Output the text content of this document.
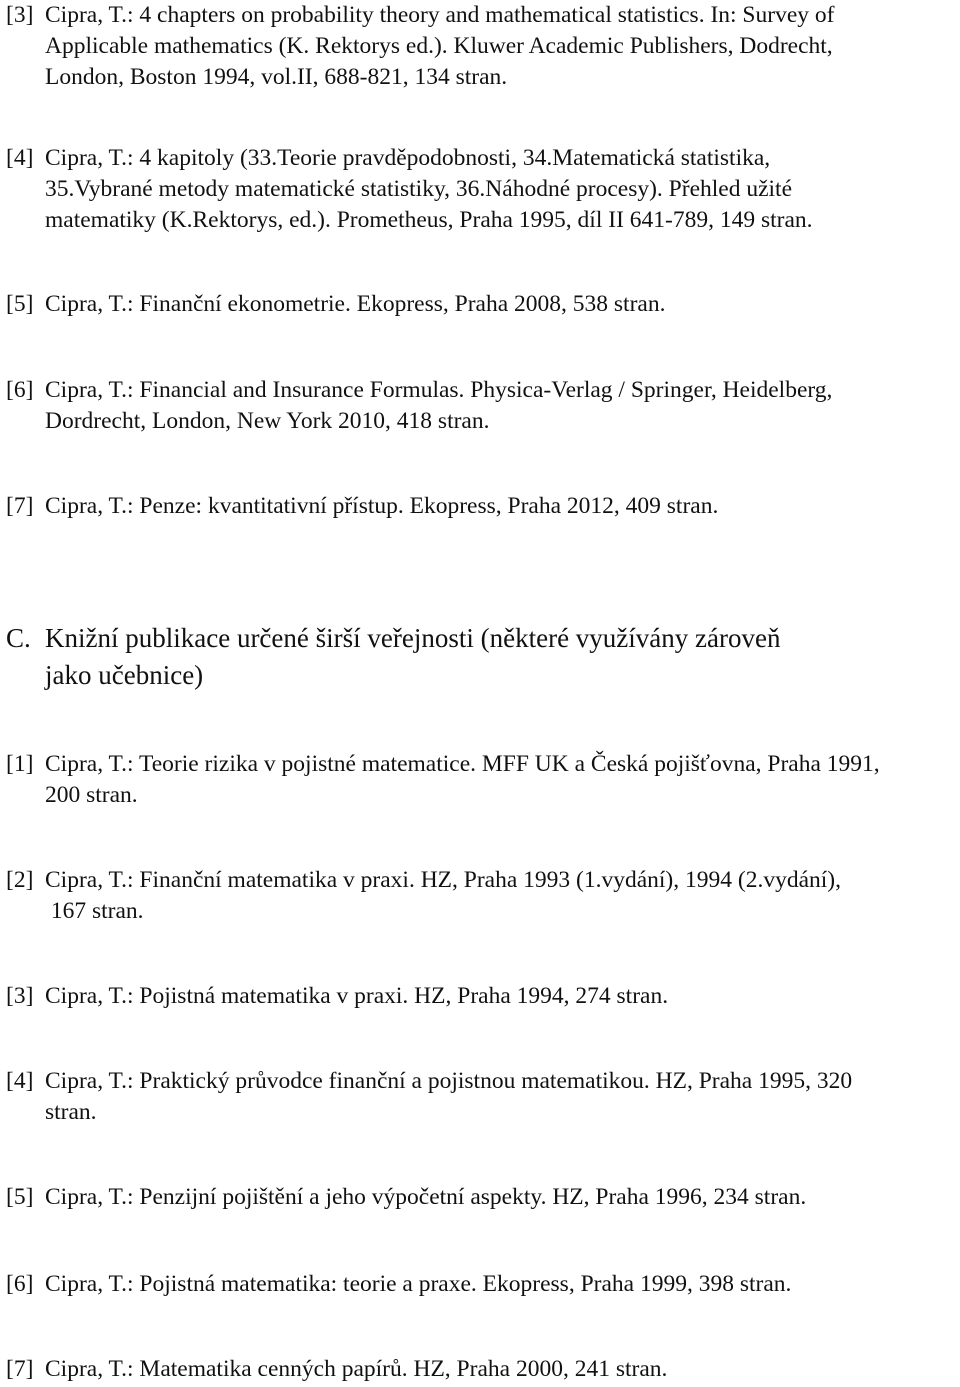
[3] Cipra, T.: 4 chapters on probability theory and mathematical statistics. In: Survey of
Applicable mathematics (K. Rektorys ed.). Kluwer Academic Publishers, Dodrecht,
London, Boston 1994, vol.II, 688-821, 134 stran.
[4] Cipra, T.: 4 kapitoly (33.Teorie pravděpodobnosti, 34.Matematická statistika,
35.Vybrané metody matematické statistiky, 36.Náhodné procesy). Přehled užité
matematiky (K.Rektorys, ed.). Prometheus, Praha 1995, díl II 641-789, 149 stran.
[5] Cipra, T.: Finanční ekonometrie. Ekopress, Praha 2008, 538 stran.
[6] Cipra, T.: Financial and Insurance Formulas. Physica-Verlag / Springer, Heidelberg,
Dordrecht, London, New York 2010, 418 stran.
[7] Cipra, T.: Penze: kvantitativní přístup. Ekopress, Praha 2012, 409 stran.
C. Knižní publikace určené širší veřejnosti (některé využívány zároveň
jako učebnice)
[1] Cipra, T.: Teorie rizika v pojistné matematice. MFF UK a Česká pojišťovna, Praha 1991,
200 stran.
[2] Cipra, T.: Finanční matematika v praxi. HZ, Praha 1993 (1.vydání), 1994 (2.vydání),
167 stran.
[3] Cipra, T.: Pojistná matematika v praxi. HZ, Praha 1994, 274 stran.
[4] Cipra, T.: Praktický průvodce finanční a pojistnou matematikou. HZ, Praha 1995, 320
stran.
[5] Cipra, T.: Penzijní pojištění a jeho výpočetní aspekty. HZ, Praha 1996, 234 stran.
[6] Cipra, T.: Pojistná matematika: teorie a praxe. Ekopress, Praha 1999, 398 stran.
[7] Cipra, T.: Matematika cenných papírů. HZ, Praha 2000, 241 stran.
